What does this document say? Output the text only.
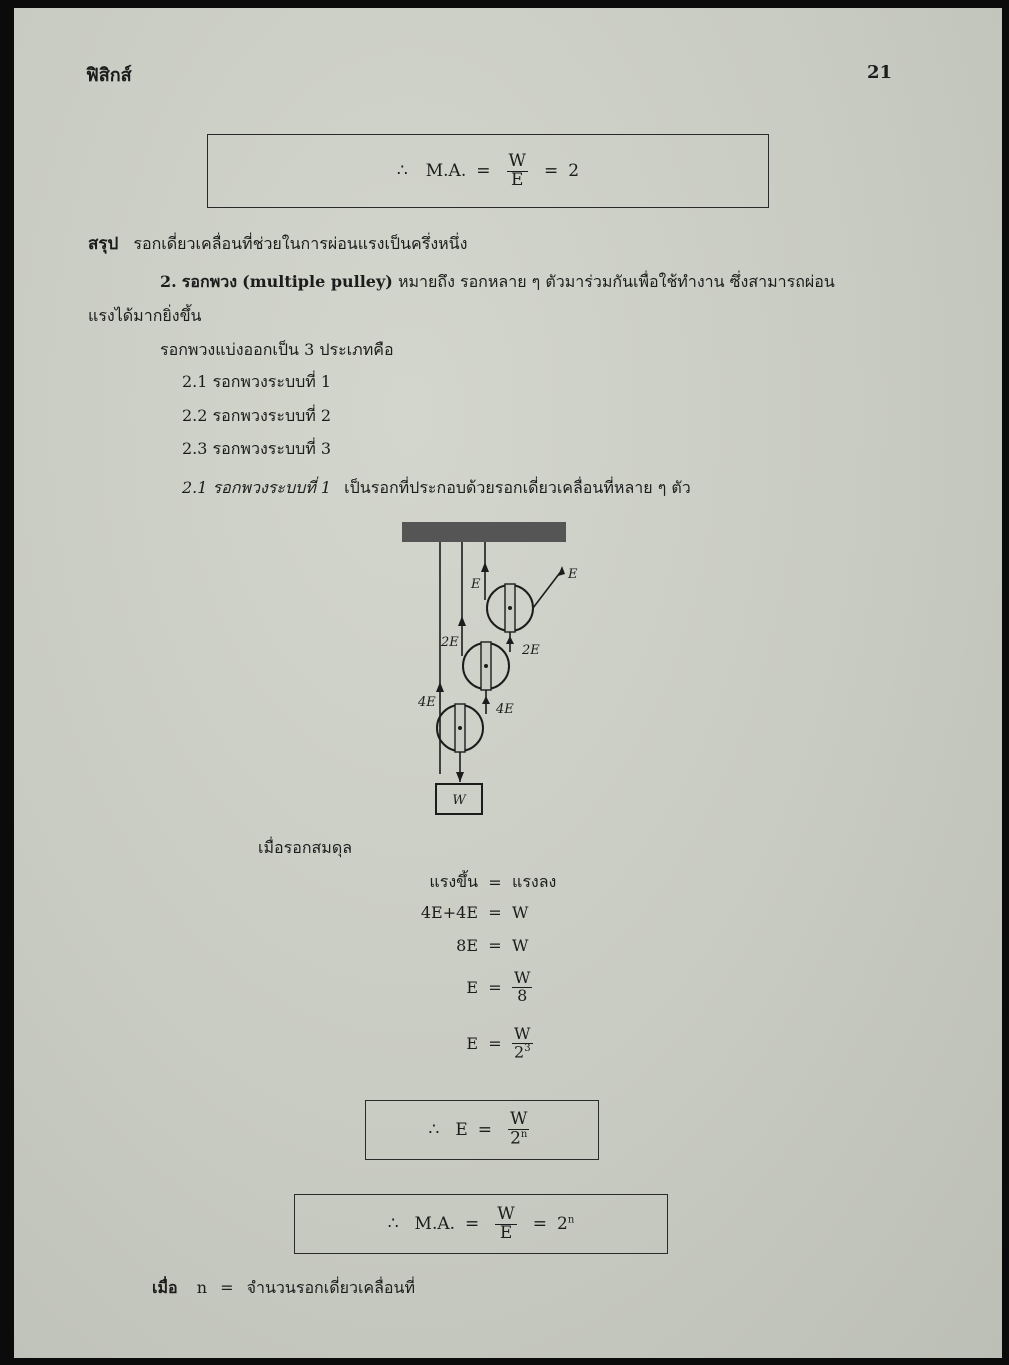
ฟิสิกส์	21
∴ M.A. = $\frac{W}{E} = 2$
สรุป รอกเดี่ยวเคลื่อนที่ช่วยในการผ่อนแรงเป็นครึ่งหนึ่ง
2. รอกพวง (multiple pulley) หมายถึง รอกหลาย ๆ ตัวมาร่วมกันเพื่อใช้ทำงาน ซึ่งสามารถผ่อน
แรงได้มากยิ่งขึ้น
รอกพวงแบ่งออกเป็น 3 ประเภทคือ
2.1 รอกพวงระบบที่ 1
2.2 รอกพวงระบบที่ 2
2.3 รอกพวงระบบที่ 3
2.1 รอกพวงระบบที่ 1 เป็นรอกที่ประกอบด้วยรอกเดี่ยวเคลื่อนที่หลาย ๆ ตัว
W
E
E
2E
2E
4E	4E
เมื่อรอกสมดุล
แรงขึ้น = แรงลง
4E+4E = W
8E = W
$E = \frac{W}{8}$
$E = \frac{W}{2^3}$
∴ $E = \frac{W}{2^n}$
∴ M.A. = $\frac{W}{E} = 2^n$
เมื่อ n = จำนวนรอกเดี่ยวเคลื่อนที่
